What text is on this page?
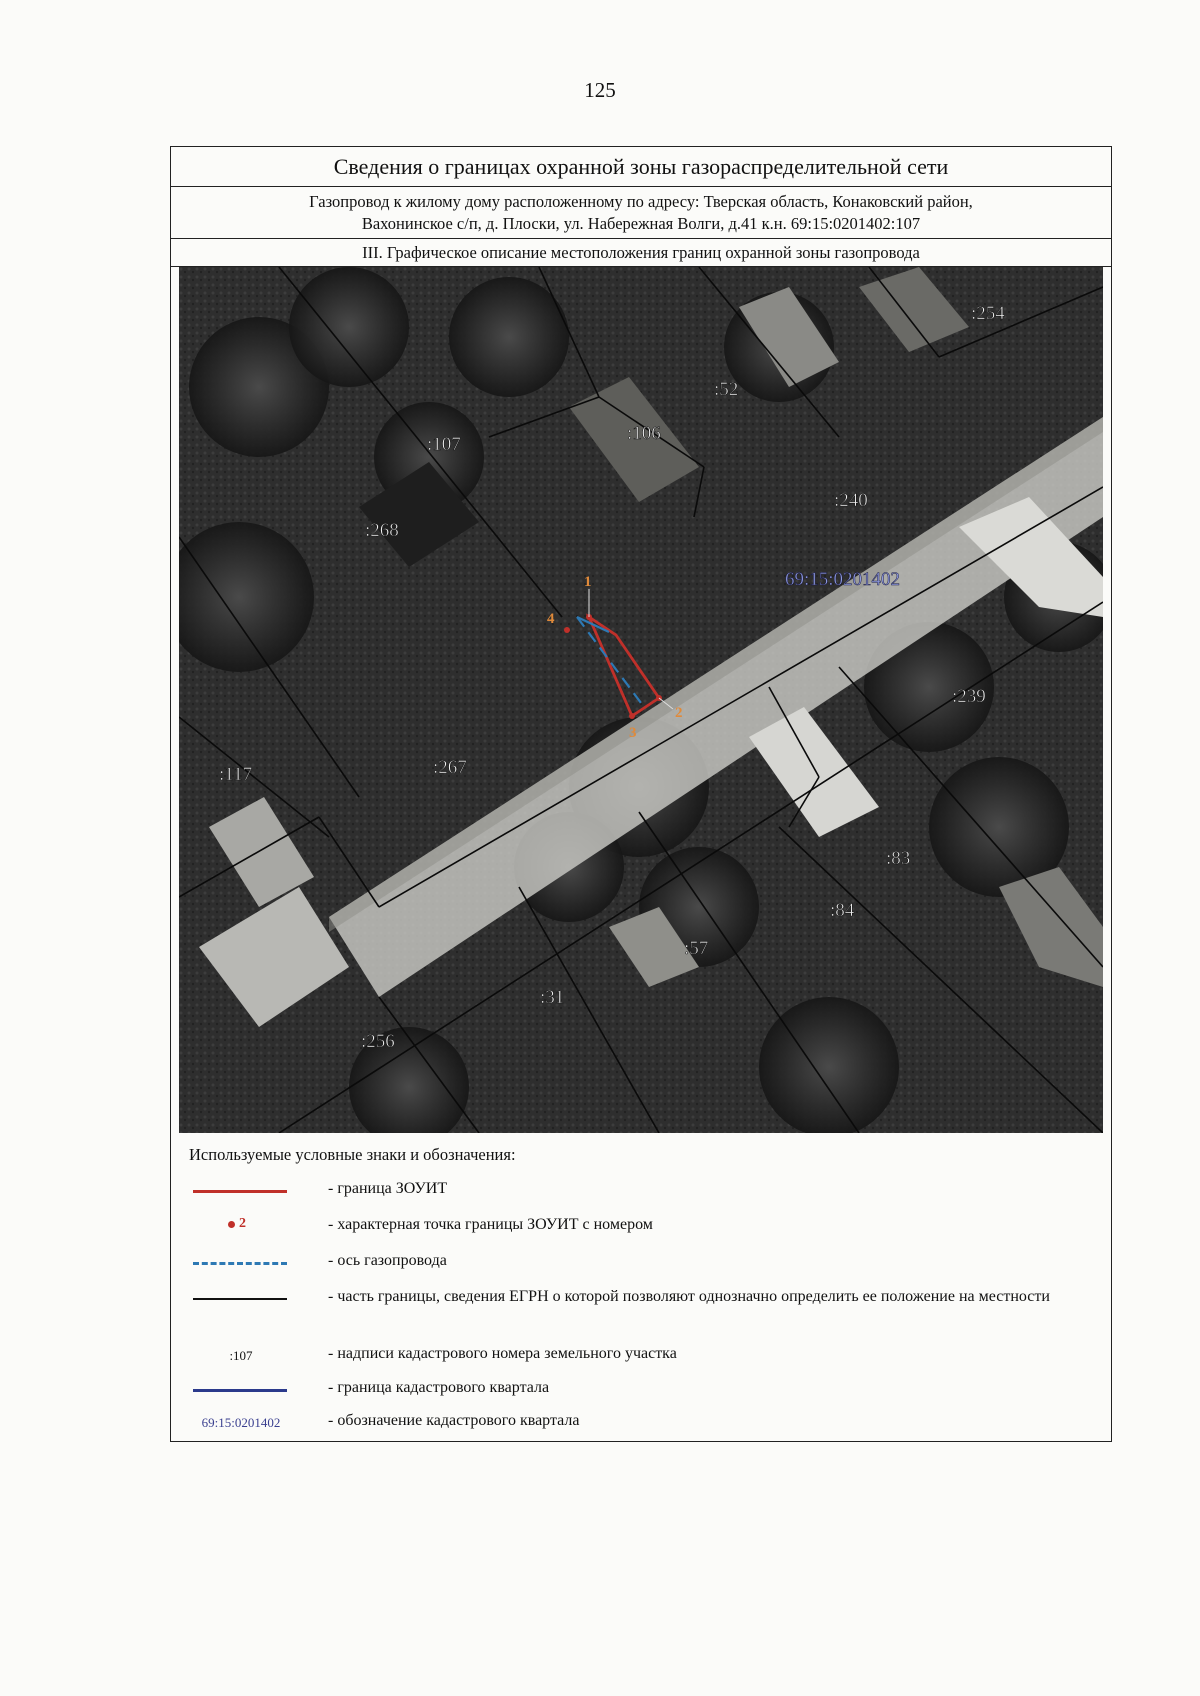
125
Сведения о границах охранной зоны газораспределительной сети
Газопровод к жилому дому расположенному по адресу: Тверская область, Конаковский район,
Вахонинское с/п, д. Плоски, ул. Набережная Волги, д.41 к.н. 69:15:0201402:107
III. Графическое описание местоположения границ охранной зоны газопровода
1
2
3
4
:254
:52
:106
:107
:268
:240
:239
:117	:267
:83
:84
:57
:31
:256
69:15:0201402
Используемые условные знаки и обозначения:
- граница ЗОУИТ
2	- характерная точка границы ЗОУИТ с номером
- ось газопровода
- часть границы, сведения ЕГРН о которой позволяют однозначно определить ее положение на местности
:107	- надписи кадастрового номера земельного участка
- граница кадастрового квартала
69:15:0201402	- обозначение кадастрового квартала
